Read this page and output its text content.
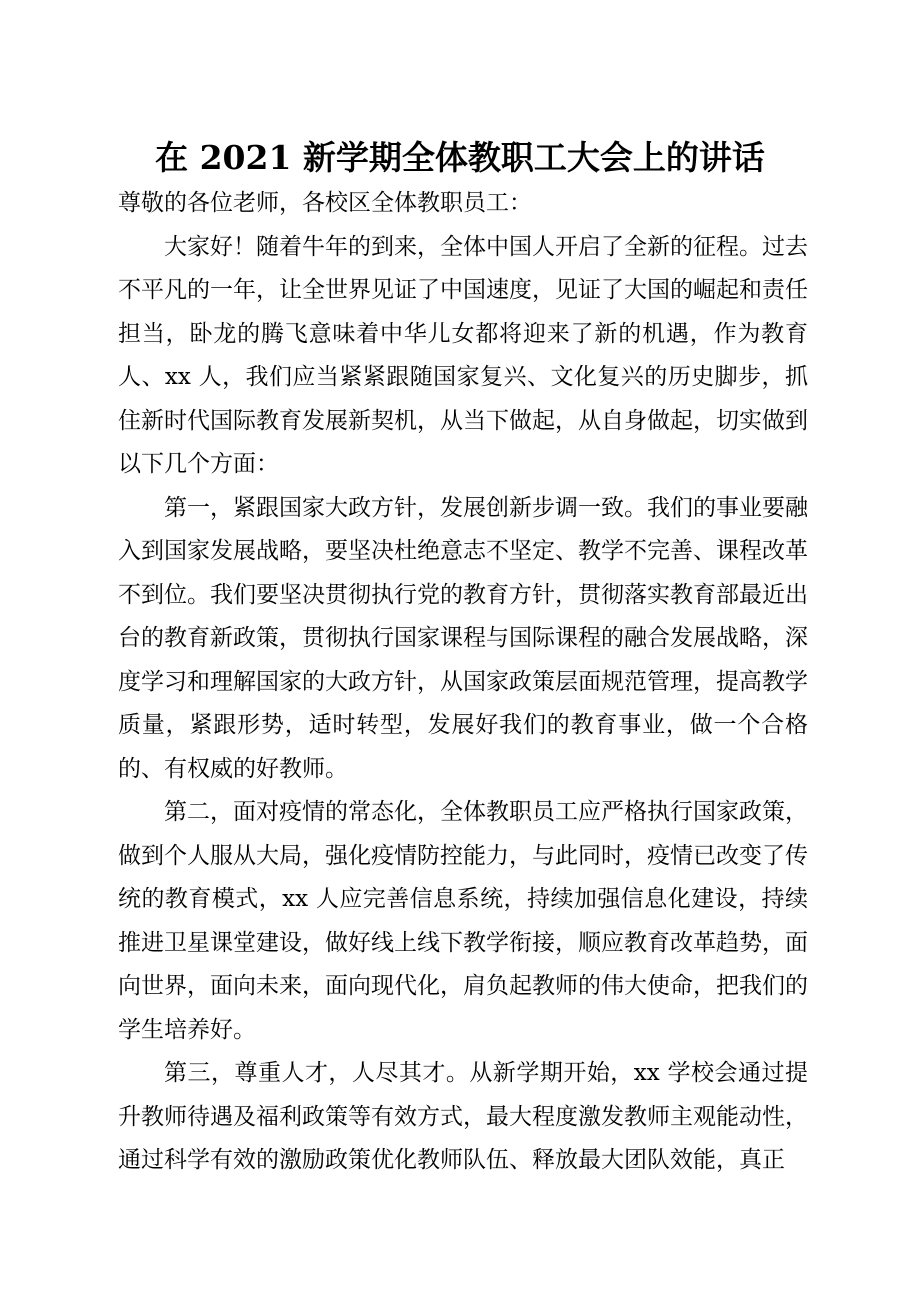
在 2021 新学期全体教职工大会上的讲话

尊敬的各位老师，各校区全体教职员工：

大家好！随着牛年的到来，全体中国人开启了全新的征程。过去不平凡的一年，让全世界见证了中国速度，见证了大国的崛起和责任担当，卧龙的腾飞意味着中华儿女都将迎来了新的机遇，作为教育人、xx 人，我们应当紧紧跟随国家复兴、文化复兴的历史脚步，抓住新时代国际教育发展新契机，从当下做起，从自身做起，切实做到以下几个方面：

第一，紧跟国家大政方针，发展创新步调一致。我们的事业要融入到国家发展战略，要坚决杜绝意志不坚定、教学不完善、课程改革不到位。我们要坚决贯彻执行党的教育方针，贯彻落实教育部最近出台的教育新政策，贯彻执行国家课程与国际课程的融合发展战略，深度学习和理解国家的大政方针，从国家政策层面规范管理，提高教学质量，紧跟形势，适时转型，发展好我们的教育事业，做一个合格的、有权威的好教师。

第二，面对疫情的常态化，全体教职员工应严格执行国家政策，做到个人服从大局，强化疫情防控能力，与此同时，疫情已改变了传统的教育模式，xx 人应完善信息系统，持续加强信息化建设，持续推进卫星课堂建设，做好线上线下教学衔接，顺应教育改革趋势，面向世界，面向未来，面向现代化，肩负起教师的伟大使命，把我们的学生培养好。

第三，尊重人才，人尽其才。从新学期开始，xx 学校会通过提升教师待遇及福利政策等有效方式，最大程度激发教师主观能动性，通过科学有效的激励政策优化教师队伍、释放最大团队效能，真正
